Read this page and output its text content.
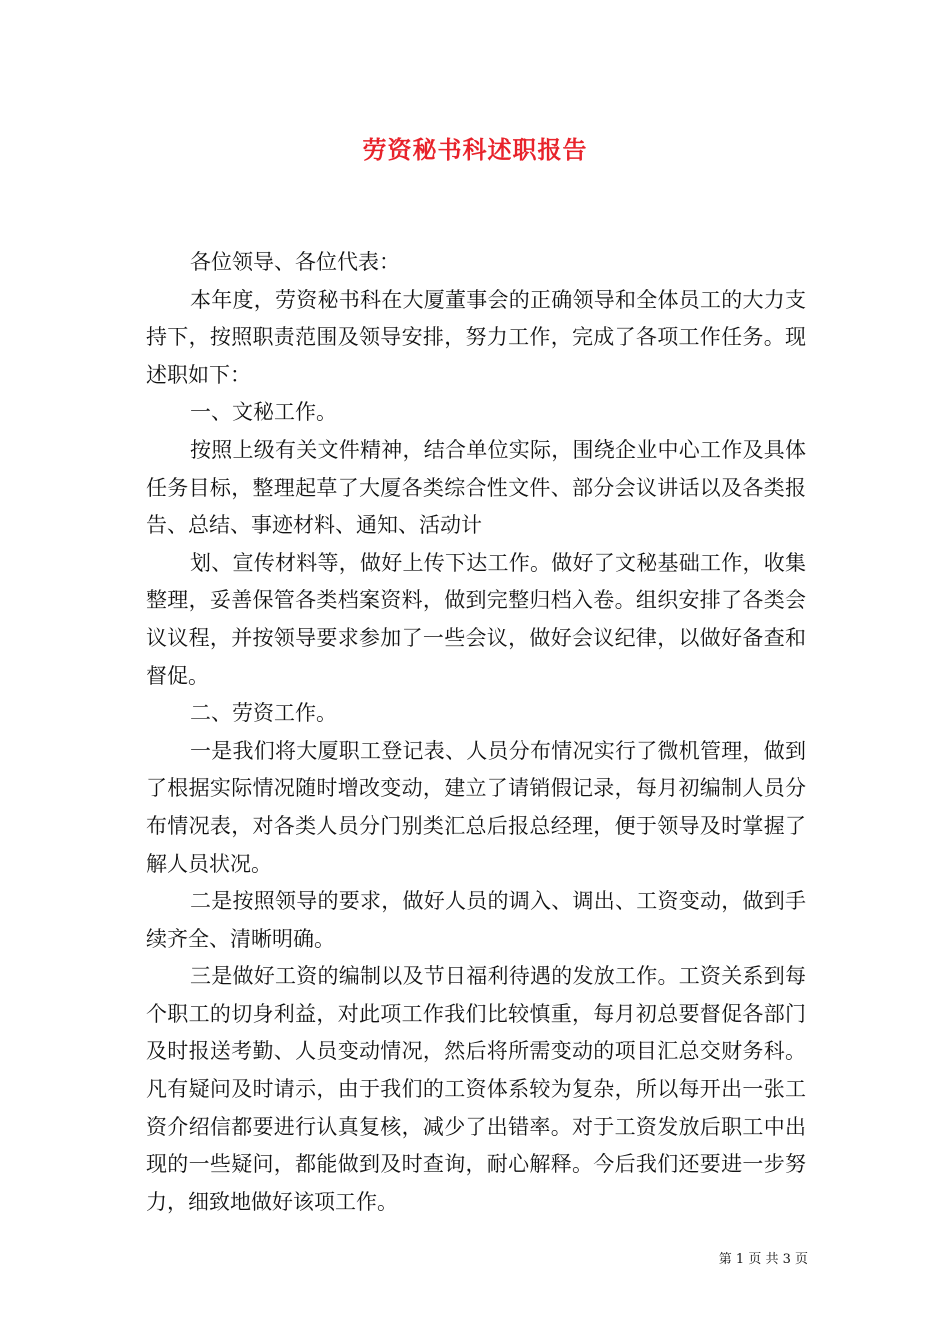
劳资秘书科述职报告

各位领导、各位代表：

本年度，劳资秘书科在大厦董事会的正确领导和全体员工的大力支持下，按照职责范围及领导安排，努力工作，完成了各项工作任务。现述职如下：

一、文秘工作。

按照上级有关文件精神，结合单位实际，围绕企业中心工作及具体任务目标，整理起草了大厦各类综合性文件、部分会议讲话以及各类报告、总结、事迹材料、通知、活动计

划、宣传材料等，做好上传下达工作。做好了文秘基础工作，收集整理，妥善保管各类档案资料，做到完整归档入卷。组织安排了各类会议议程，并按领导要求参加了一些会议，做好会议纪律，以做好备查和督促。

二、劳资工作。

一是我们将大厦职工登记表、人员分布情况实行了微机管理，做到了根据实际情况随时增改变动，建立了请销假记录，每月初编制人员分布情况表，对各类人员分门别类汇总后报总经理，便于领导及时掌握了解人员状况。

二是按照领导的要求，做好人员的调入、调出、工资变动，做到手续齐全、清晰明确。

三是做好工资的编制以及节日福利待遇的发放工作。工资关系到每个职工的切身利益，对此项工作我们比较慎重，每月初总要督促各部门及时报送考勤、人员变动情况，然后将所需变动的项目汇总交财务科。凡有疑问及时请示，由于我们的工资体系较为复杂，所以每开出一张工资介绍信都要进行认真复核，减少了出错率。对于工资发放后职工中出现的一些疑问，都能做到及时查询，耐心解释。今后我们还要进一步努力，细致地做好该项工作。

第 1 页 共 3 页
